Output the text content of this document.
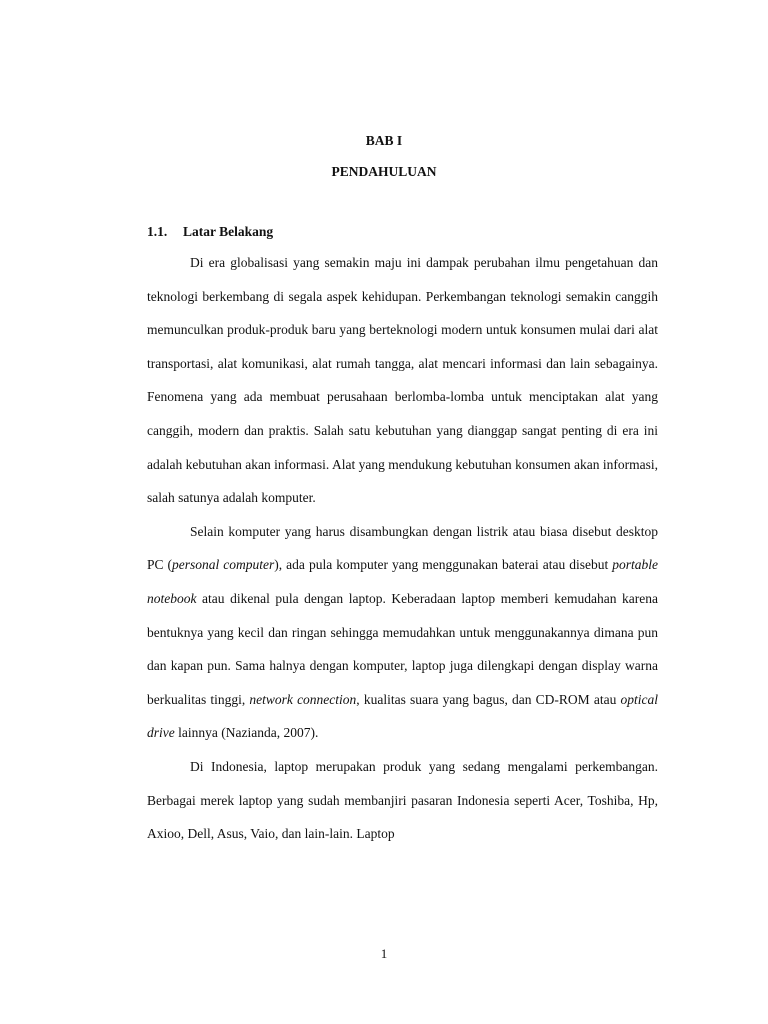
BAB I
PENDAHULUAN
1.1. Latar Belakang

Di era globalisasi yang semakin maju ini dampak perubahan ilmu pengetahuan dan teknologi berkembang di segala aspek kehidupan. Perkembangan teknologi semakin canggih memunculkan produk-produk baru yang berteknologi modern untuk konsumen mulai dari alat transportasi, alat komunikasi, alat rumah tangga, alat mencari informasi dan lain sebagainya. Fenomena yang ada membuat perusahaan berlomba-lomba untuk menciptakan alat yang canggih, modern dan praktis. Salah satu kebutuhan yang dianggap sangat penting di era ini adalah kebutuhan akan informasi. Alat yang mendukung kebutuhan konsumen akan informasi, salah satunya adalah komputer.

Selain komputer yang harus disambungkan dengan listrik atau biasa disebut desktop PC (personal computer), ada pula komputer yang menggunakan baterai atau disebut portable notebook atau dikenal pula dengan laptop. Keberadaan laptop memberi kemudahan karena bentuknya yang kecil dan ringan sehingga memudahkan untuk menggunakannya dimana pun dan kapan pun. Sama halnya dengan komputer, laptop juga dilengkapi dengan display warna berkualitas tinggi, network connection, kualitas suara yang bagus, dan CD-ROM atau optical drive lainnya (Nazianda, 2007).

Di Indonesia, laptop merupakan produk yang sedang mengalami perkembangan. Berbagai merek laptop yang sudah membanjiri pasaran Indonesia seperti Acer, Toshiba, Hp, Axioo, Dell, Asus, Vaio, dan lain-lain. Laptop

1
